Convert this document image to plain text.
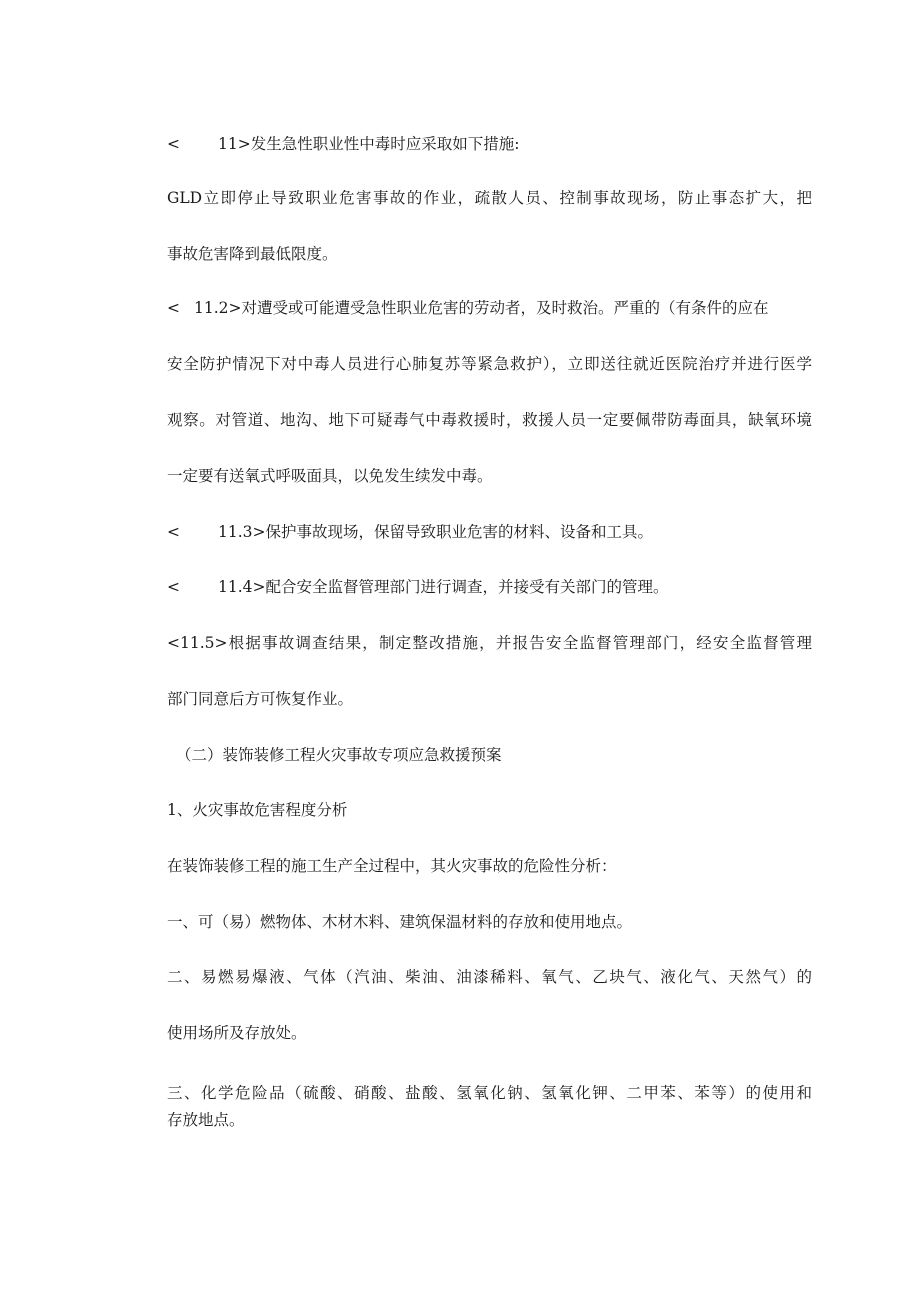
< 11>发生急性职业性中毒时应采取如下措施:
GLD立即停止导致职业危害事故的作业，疏散人员、控制事故现场，防止事态扩大，把
事故危害降到最低限度。
< 11.2>对遭受或可能遭受急性职业危害的劳动者，及时救治。严重的（有条件的应在
安全防护情况下对中毒人员进行心肺复苏等紧急救护），立即送往就近医院治疗并进行医学
观察。对管道、地沟、地下可疑毒气中毒救援时，救援人员一定要佩带防毒面具，缺氧环境
一定要有送氧式呼吸面具，以免发生续发中毒。
< 11.3>保护事故现场，保留导致职业危害的材料、设备和工具。
< 11.4>配合安全监督管理部门进行调查，并接受有关部门的管理。
<11.5>根据事故调查结果，制定整改措施，并报告安全监督管理部门，经安全监督管理
部门同意后方可恢复作业。
（二）装饰装修工程火灾事故专项应急救援预案
1、火灾事故危害程度分析
在装饰装修工程的施工生产全过程中，其火灾事故的危险性分析：
一、可（易）燃物体、木材木料、建筑保温材料的存放和使用地点。
二、易燃易爆液、气体（汽油、柴油、油漆稀料、氧气、乙块气、液化气、天然气）的
使用场所及存放处。
三、化学危险品（硫酸、硝酸、盐酸、氢氧化钠、氢氧化钾、二甲苯、苯等）的使用和
存放地点。
